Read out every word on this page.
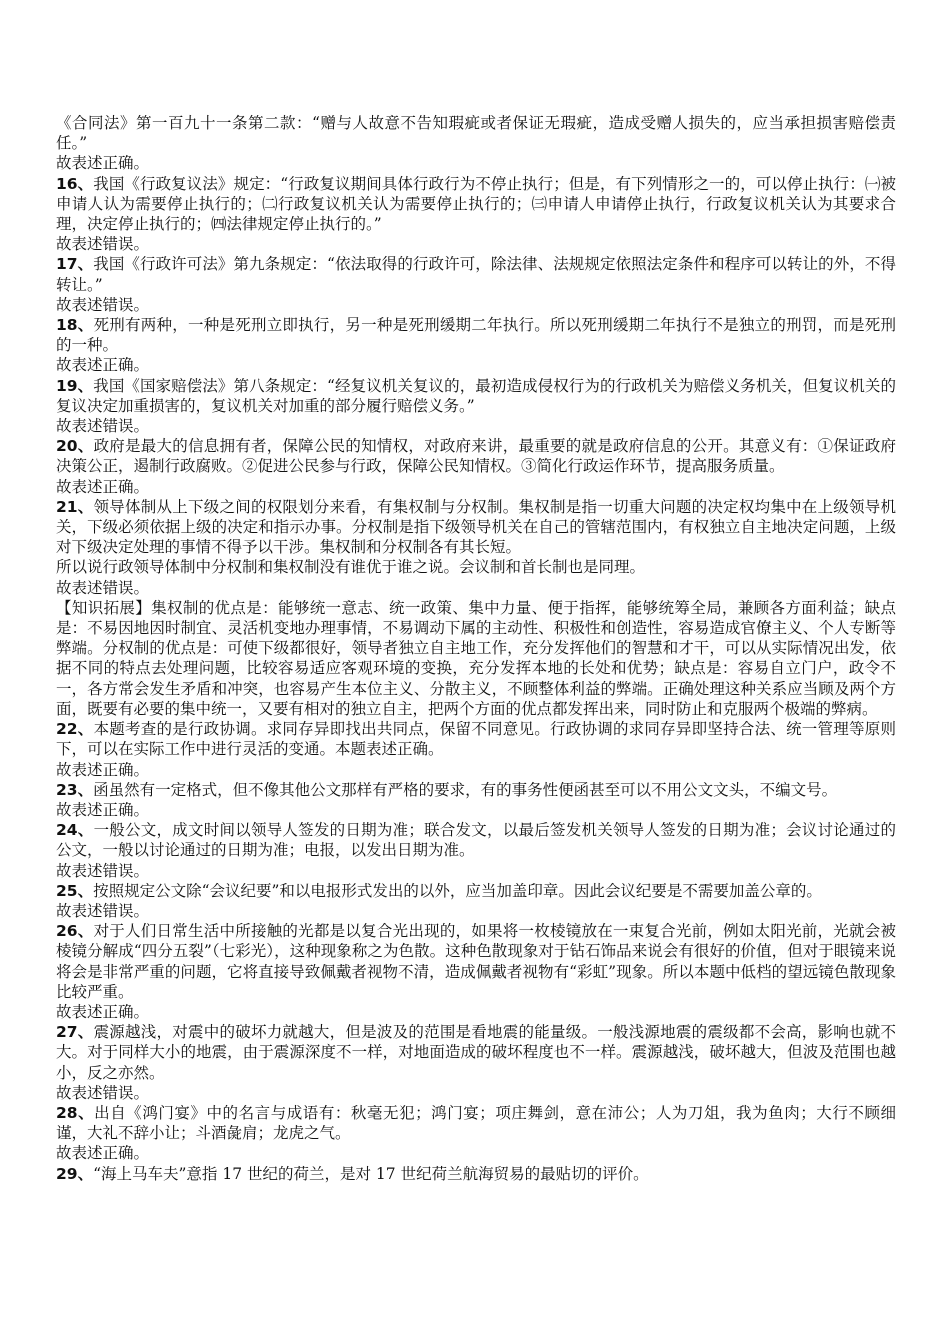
《合同法》第一百九十一条第二款：“赠与人故意不告知瑕疵或者保证无瑕疵，造成受赠人损失的，应当承担损害赔偿责任。”

故表述正确。

16、我国《行政复议法》规定：“行政复议期间具体行政行为不停止执行；但是，有下列情形之一的，可以停止执行：㈠被申请人认为需要停止执行的；㈡行政复议机关认为需要停止执行的；㈢申请人申请停止执行，行政复议机关认为其要求合理，决定停止执行的；㈣法律规定停止执行的。”

故表述错误。

17、我国《行政许可法》第九条规定：“依法取得的行政许可，除法律、法规规定依照法定条件和程序可以转让的外，不得转让。”

故表述错误。

18、死刑有两种，一种是死刑立即执行，另一种是死刑缓期二年执行。所以死刑缓期二年执行不是独立的刑罚，而是死刑的一种。

故表述正确。

19、我国《国家赔偿法》第八条规定：“经复议机关复议的，最初造成侵权行为的行政机关为赔偿义务机关，但复议机关的复议决定加重损害的，复议机关对加重的部分履行赔偿义务。”

故表述错误。

20、政府是最大的信息拥有者，保障公民的知情权，对政府来讲，最重要的就是政府信息的公开。其意义有：①保证政府决策公正，遏制行政腐败。②促进公民参与行政，保障公民知情权。③简化行政运作环节，提高服务质量。

故表述正确。

21、领导体制从上下级之间的权限划分来看，有集权制与分权制。集权制是指一切重大问题的决定权均集中在上级领导机关，下级必须依据上级的决定和指示办事。分权制是指下级领导机关在自己的管辖范围内，有权独立自主地决定问题，上级对下级决定处理的事情不得予以干涉。集权制和分权制各有其长短。

所以说行政领导体制中分权制和集权制没有谁优于谁之说。会议制和首长制也是同理。

故表述错误。

【知识拓展】集权制的优点是：能够统一意志、统一政策、集中力量、便于指挥，能够统筹全局，兼顾各方面利益；缺点是：不易因地因时制宜、灵活机变地办理事情，不易调动下属的主动性、积极性和创造性，容易造成官僚主义、个人专断等弊端。分权制的优点是：可使下级都很好，领导者独立自主地工作，充分发挥他们的智慧和才干，可以从实际情况出发，依据不同的特点去处理问题，比较容易适应客观环境的变换，充分发挥本地的长处和优势；缺点是：容易自立门户，政令不一，各方常会发生矛盾和冲突，也容易产生本位主义、分散主义，不顾整体利益的弊端。正确处理这种关系应当顾及两个方面，既要有必要的集中统一，又要有相对的独立自主，把两个方面的优点都发挥出来，同时防止和克服两个极端的弊病。

22、本题考查的是行政协调。求同存异即找出共同点，保留不同意见。行政协调的求同存异即坚持合法、统一管理等原则下，可以在实际工作中进行灵活的变通。本题表述正确。

故表述正确。

23、函虽然有一定格式，但不像其他公文那样有严格的要求，有的事务性便函甚至可以不用公文文头，不编文号。

故表述正确。

24、一般公文，成文时间以领导人签发的日期为准；联合发文，以最后签发机关领导人签发的日期为准；会议讨论通过的公文，一般以讨论通过的日期为准；电报，以发出日期为准。

故表述错误。

25、按照规定公文除“会议纪要”和以电报形式发出的以外，应当加盖印章。因此会议纪要是不需要加盖公章的。

故表述错误。

26、对于人们日常生活中所接触的光都是以复合光出现的，如果将一枚棱镜放在一束复合光前，例如太阳光前，光就会被棱镜分解成“四分五裂”（七彩光），这种现象称之为色散。这种色散现象对于钻石饰品来说会有很好的价值，但对于眼镜来说将会是非常严重的问题，它将直接导致佩戴者视物不清，造成佩戴者视物有“彩虹”现象。所以本题中低档的望远镜色散现象比较严重。

故表述正确。

27、震源越浅，对震中的破坏力就越大，但是波及的范围是看地震的能量级。一般浅源地震的震级都不会高，影响也就不大。对于同样大小的地震，由于震源深度不一样，对地面造成的破坏程度也不一样。震源越浅，破坏越大，但波及范围也越小，反之亦然。

故表述错误。

28、出自《鸿门宴》中的名言与成语有：秋毫无犯；鸿门宴；项庄舞剑，意在沛公；人为刀俎，我为鱼肉；大行不顾细谨，大礼不辞小让；斗酒彘肩；龙虎之气。

故表述正确。

29、“海上马车夫”意指 17 世纪的荷兰，是对 17 世纪荷兰航海贸易的最贴切的评价。
